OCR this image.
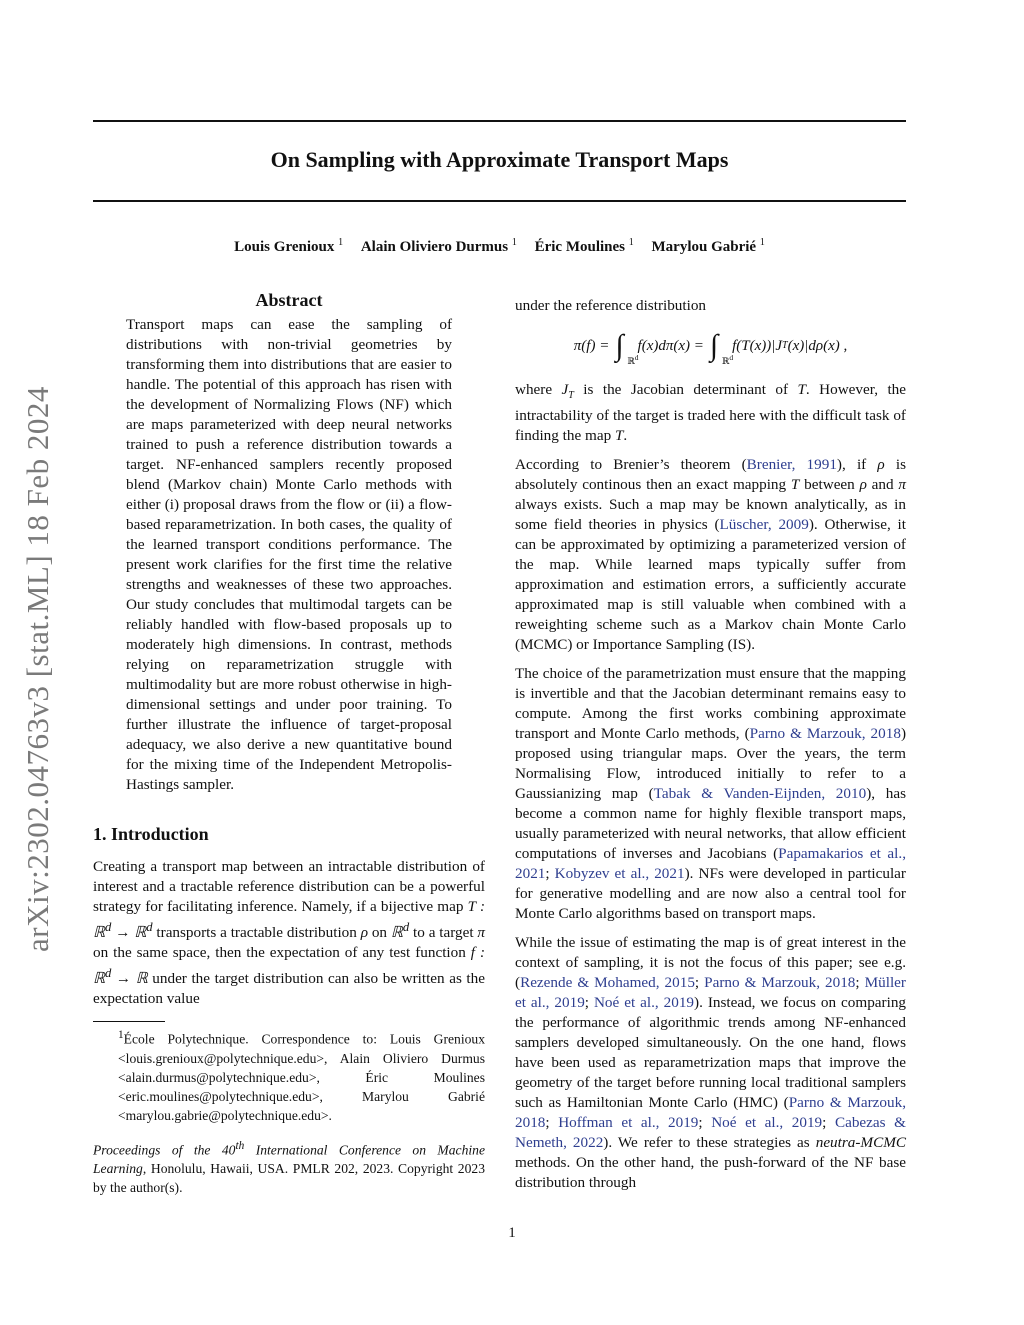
On Sampling with Approximate Transport Maps
Louis Grenioux $^1$ Alain Oliviero Durmus $^1$ Éric Moulines $^1$ Marylou Gabrié $^1$
arXiv:2302.04763v3 [stat.ML] 18 Feb 2024
Abstract

Transport maps can ease the sampling of distributions with non-trivial geometries by transforming them into distributions that are easier to handle. The potential of this approach has risen with the development of Normalizing Flows (NF) which are maps parameterized with deep neural networks trained to push a reference distribution towards a target. NF-enhanced samplers recently proposed blend (Markov chain) Monte Carlo methods with either (i) proposal draws from the flow or (ii) a flow-based reparametrization. In both cases, the quality of the learned transport conditions performance. The present work clarifies for the first time the relative strengths and weaknesses of these two approaches. Our study concludes that multimodal targets can be reliably handled with flow-based proposals up to moderately high dimensions. In contrast, methods relying on reparametrization struggle with multimodality but are more robust otherwise in high-dimensional settings and under poor training. To further illustrate the influence of target-proposal adequacy, we also derive a new quantitative bound for the mixing time of the Independent Metropolis-Hastings sampler.

1. Introduction

Creating a transport map between an intractable distribution of interest and a tractable reference distribution can be a powerful strategy for facilitating inference. Namely, if a bijective map T : ℝ$^d$ → ℝ$^d$ transports a tractable distribution ρ on ℝ$^d$ to a target π on the same space, then the expectation of any test function f : ℝ$^d$ → ℝ under the target distribution can also be written as the expectation value

$^1$École Polytechnique. Correspondence to: Louis Grenioux <louis.grenioux@polytechnique.edu>, Alain Oliviero Durmus <alain.durmus@polytechnique.edu>, Éric Moulines <eric.moulines@polytechnique.edu>, Marylou Gabrié <marylou.gabrie@polytechnique.edu>.
Proceedings of the 40th International Conference on Machine Learning, Honolulu, Hawaii, USA. PMLR 202, 2023. Copyright 2023 by the author(s).

under the reference distribution

π(f) = ∫ ℝ$^d$
f(x)dπ(x) = ∫ ℝ$^d$
f(T(x))|J T (x)|dρ(x) ,

where $J_T$ is the Jacobian determinant of T. However, the intractability of the target is traded here with the difficult task of finding the map T.

According to Brenier’s theorem (Brenier, 1991), if ρ is absolutely continous then an exact mapping T between ρ and π always exists. Such a map may be known analytically, as in some field theories in physics (Lüscher, 2009). Otherwise, it can be approximated by optimizing a parameterized version of the map. While learned maps typically suffer from approximation and estimation errors, a sufficiently accurate approximated map is still valuable when combined with a reweighting scheme such as a Markov chain Monte Carlo (MCMC) or Importance Sampling (IS).

The choice of the parametrization must ensure that the mapping is invertible and that the Jacobian determinant remains easy to compute. Among the first works combining approximate transport and Monte Carlo methods, (Parno & Marzouk, 2018) proposed using triangular maps. Over the years, the term Normalising Flow, introduced initially to refer to a Gaussianizing map (Tabak & Vanden-Eijnden, 2010), has become a common name for highly flexible transport maps, usually parameterized with neural networks, that allow efficient computations of inverses and Jacobians (Papamakarios et al., 2021; Kobyzev et al., 2021). NFs were developed in particular for generative modelling and are now also a central tool for Monte Carlo algorithms based on transport maps.

While the issue of estimating the map is of great interest in the context of sampling, it is not the focus of this paper; see e.g. (Rezende & Mohamed, 2015; Parno & Marzouk, 2018; Müller et al., 2019; Noé et al., 2019). Instead, we focus on comparing the performance of algorithmic trends among NF-enhanced samplers developed simultaneously. On the one hand, flows have been used as reparametrization maps that improve the geometry of the target before running local traditional samplers such as Hamiltonian Monte Carlo (HMC) (Parno & Marzouk, 2018; Hoffman et al., 2019; Noé et al., 2019; Cabezas & Nemeth, 2022). We refer to these strategies as neutra-MCMC methods. On the other hand, the push-forward of the NF base distribution through

1
